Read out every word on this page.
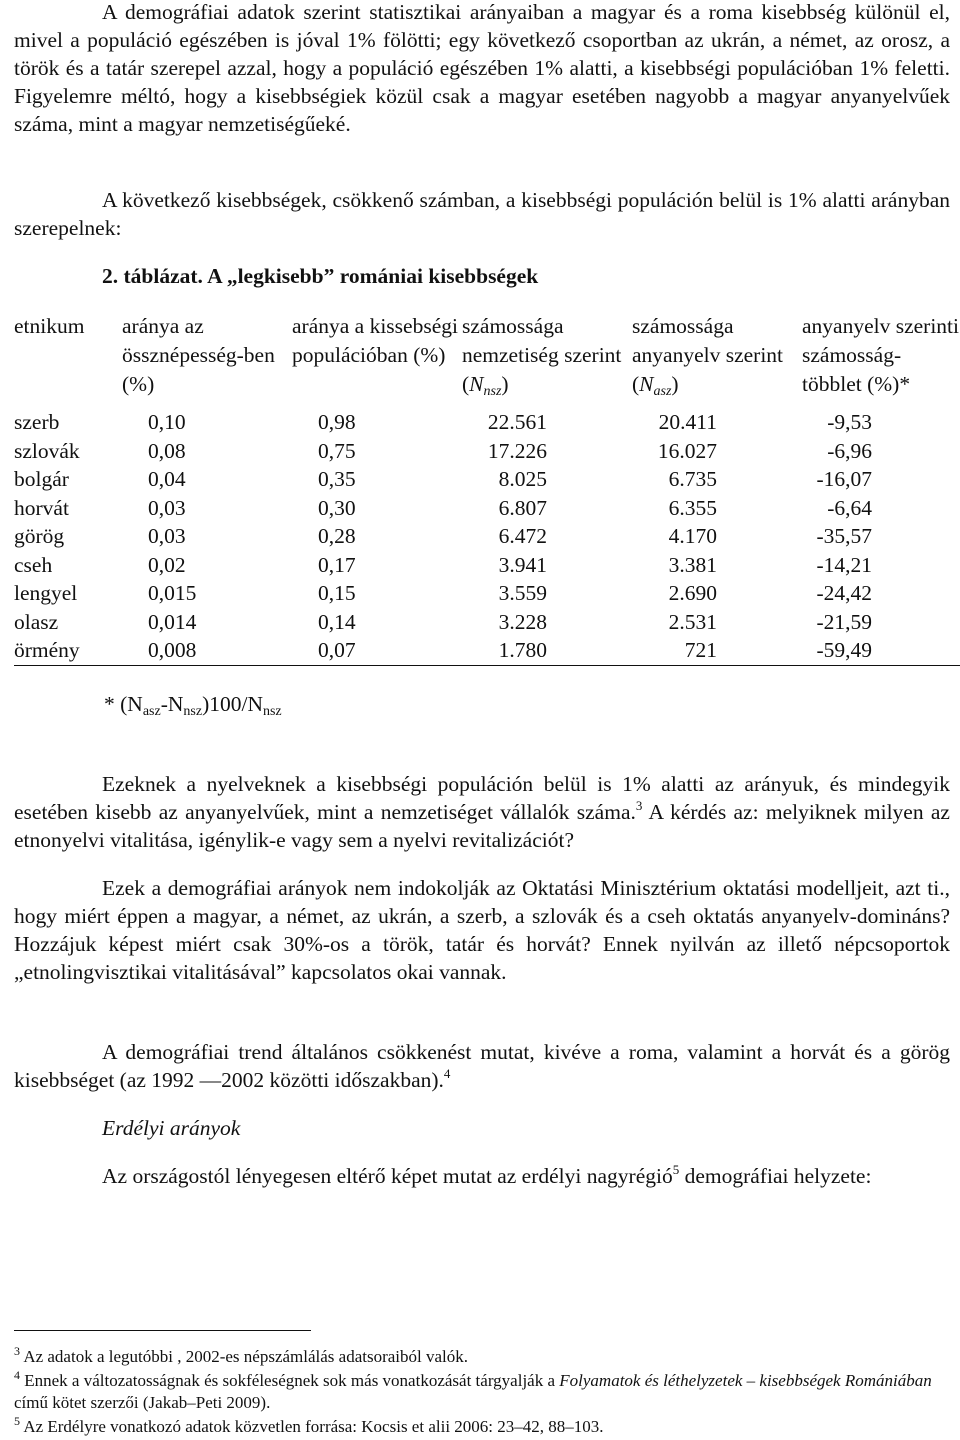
A demográfiai adatok szerint statisztikai arányaiban a magyar és a roma kisebbség különül el, mivel a populáció egészében is jóval 1% fölötti; egy következő csoportban az ukrán, a német, az orosz, a török és a tatár szerepel azzal, hogy a populáció egészében 1% alatti, a kisebbségi populációban 1% feletti. Figyelemre méltó, hogy a kisebbségiek közül csak a magyar esetében nagyobb a magyar anyanyelvűek száma, mint a magyar nemzetiségűeké.

A következő kisebbségek, csökkenő számban, a kisebbségi populáción belül is 1% alatti arányban szerepelnek:

2. táblázat. A „legkisebb” romániai kisebbségek
etnikum	aránya az össznépesség-ben (%)	aránya a kissebségi populációban (%)	számossága nemzetiség szerint $(N_{nsz})$	számossága anyanyelv szerint $(N_{asz})$	anyanyelv szerinti számosság-többlet (%)*
szerb	0,10	0,98	22.561	20.411	-9,53
szlovák	0,08	0,75	17.226	16.027	-6,96
bolgár	0,04	0,35	8.025	6.735	-16,07
horvát	0,03	0,30	6.807	6.355	-6,64
görög	0,03	0,28	6.472	4.170	-35,57
cseh	0,02	0,17	3.941	3.381	-14,21
lengyel	0,015	0,15	3.559	2.690	-24,42
olasz	0,014	0,14	3.228	2.531	-21,59
örmény	0,008	0,07	1.780	721	-59,49
* (Nasz-Nnsz)100/Nnsz

Ezeknek a nyelveknek a kisebbségi populáción belül is 1% alatti az arányuk, és mindegyik esetében kisebb az anyanyelvűek, mint a nemzetiséget vállalók száma.$^3$ A kérdés az: melyiknek milyen az etnonyelvi vitalitása, igénylik-e vagy sem a nyelvi revitalizációt?

Ezek a demográfiai arányok nem indokolják az Oktatási Minisztérium oktatási modelljeit, azt ti., hogy miért éppen a magyar, a német, az ukrán, a szerb, a szlovák és a cseh oktatás anyanyelv-domináns? Hozzájuk képest miért csak 30%-os a török, tatár és horvát? Ennek nyilván az illető népcsoportok „etnolingvisztikai vitalitásával” kapcsolatos okai vannak.

A demográfiai trend általános csökkenést mutat, kivéve a roma, valamint a horvát és a görög kisebbséget (az 1992 —2002 közötti időszakban).$^4$

Erdélyi arányok

Az országostól lényegesen eltérő képet mutat az erdélyi nagyrégió$^5$ demográfiai helyzete:

$^3$ Az adatok a legutóbbi , 2002-es népszámlálás adatsoraiból valók.
$^4$ Ennek a változatosságnak és sokféleségnek sok más vonatkozását tárgyalják a Folyamatok és léthelyzetek – kisebbségek Romániában című kötet szerzői (Jakab–Peti 2009).
$^5$ Az Erdélyre vonatkozó adatok közvetlen forrása: Kocsis et alii 2006: 23–42, 88–103.
